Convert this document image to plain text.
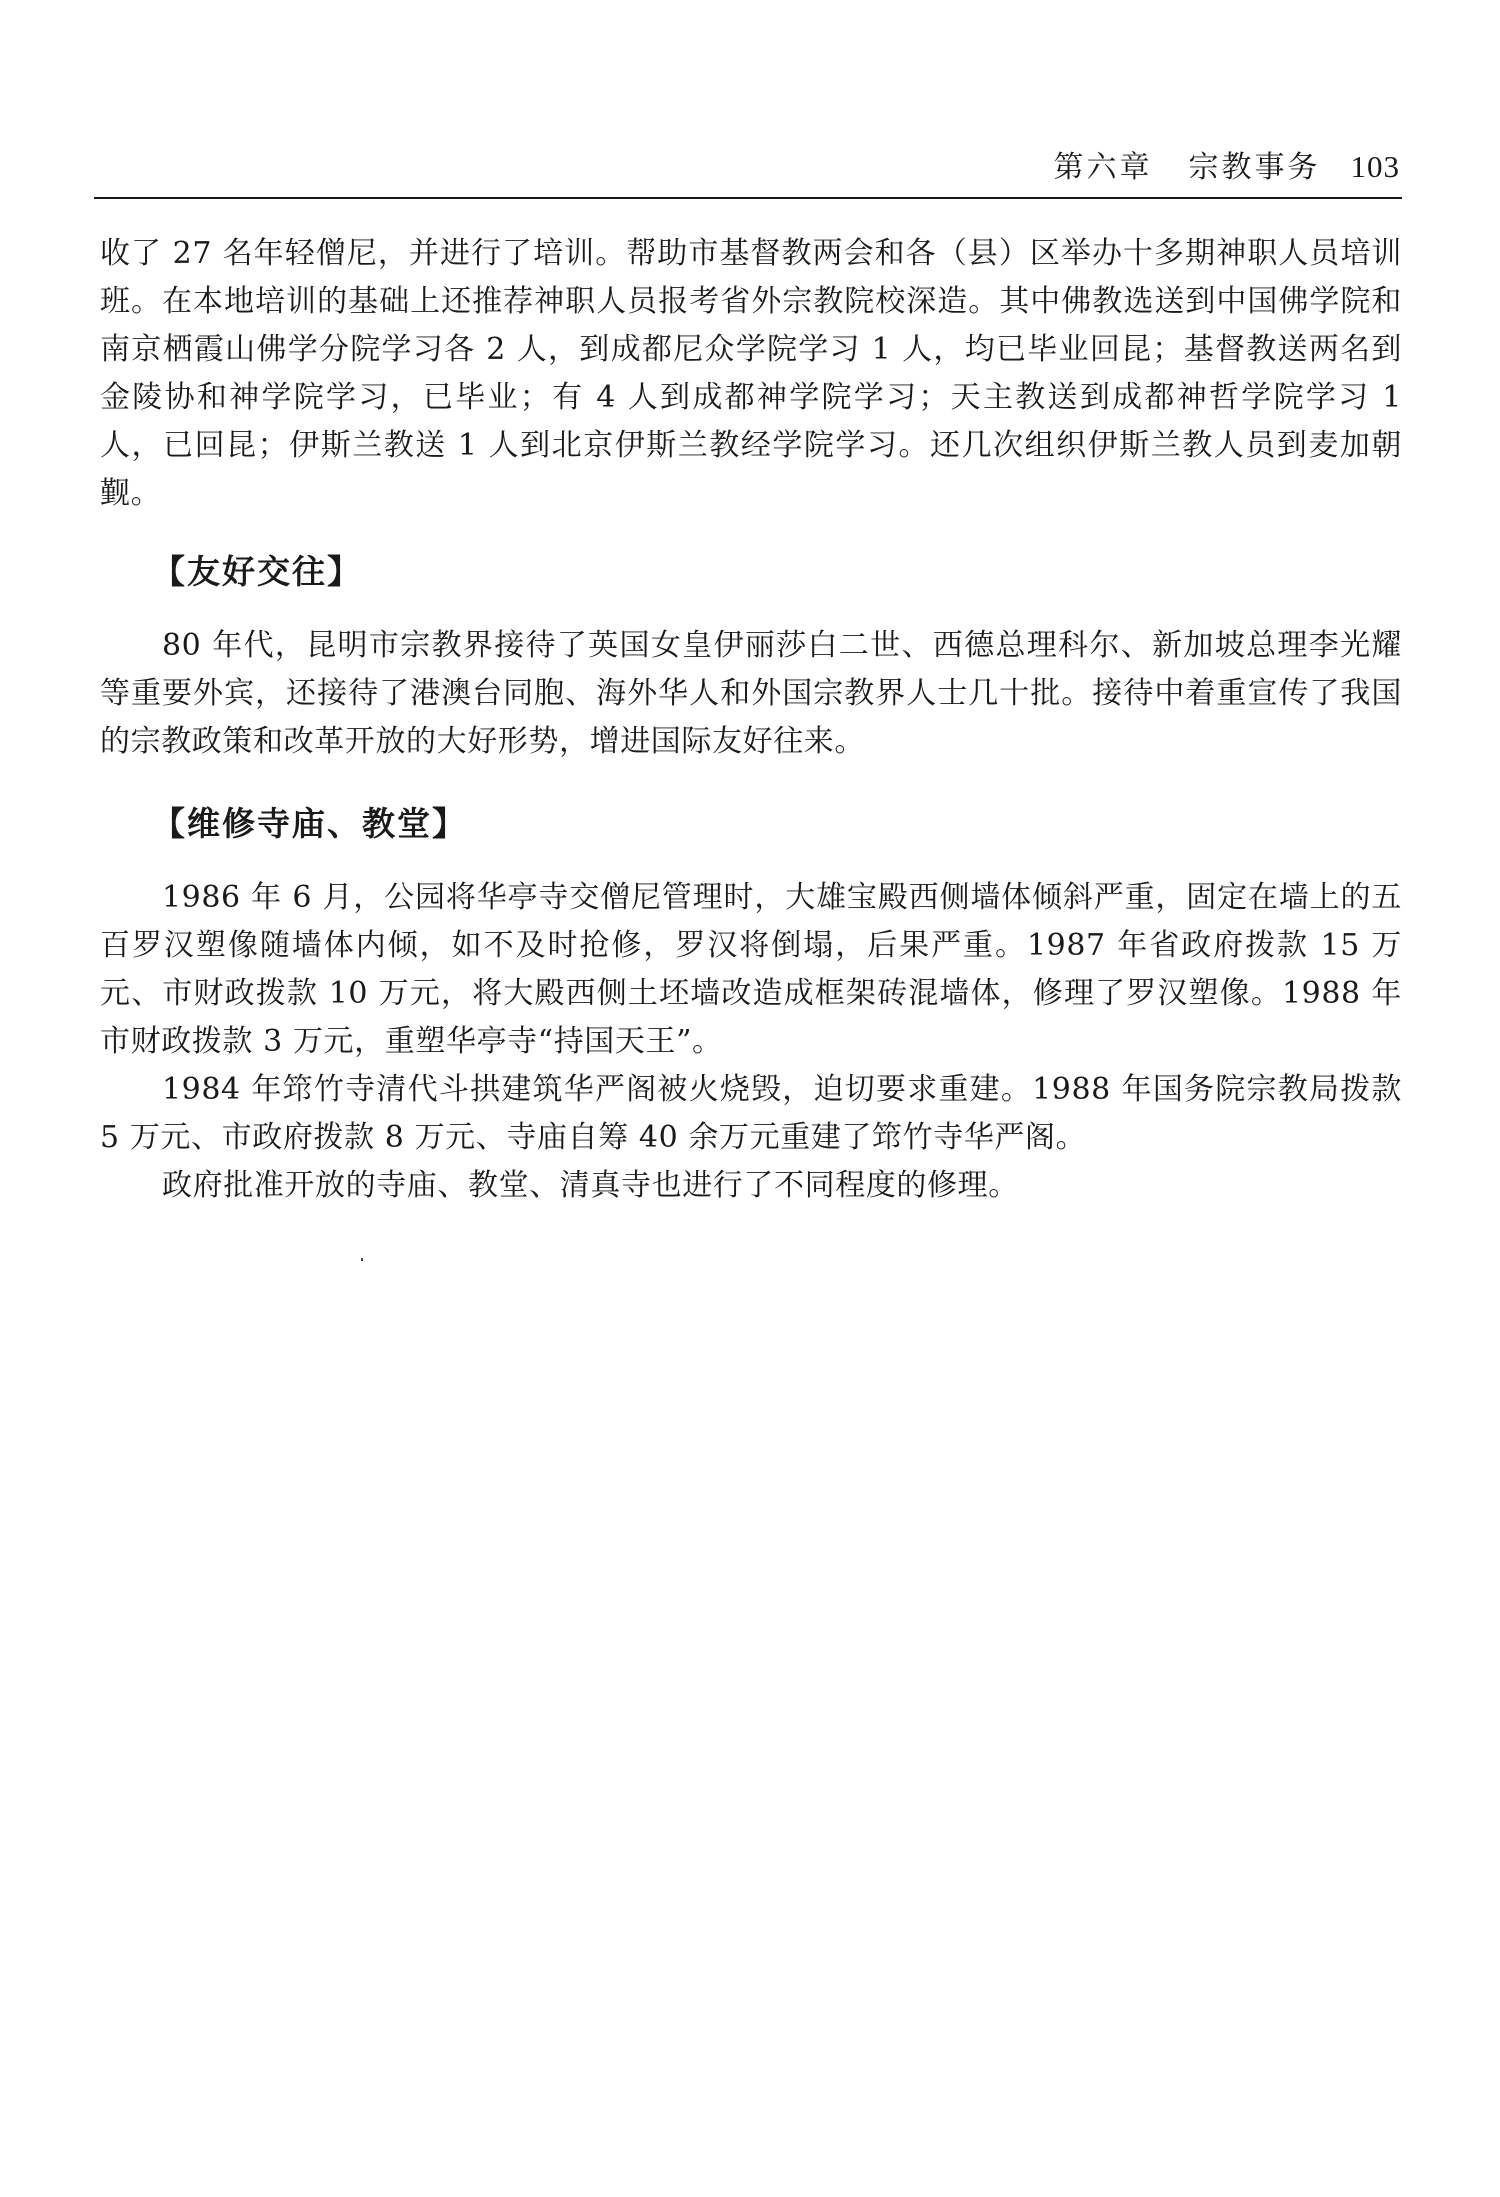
第六章 宗教事务 103

收了 27 名年轻僧尼，并进行了培训。帮助市基督教两会和各（县）区举办十多期神职人员培训班。在本地培训的基础上还推荐神职人员报考省外宗教院校深造。其中佛教选送到中国佛学院和南京栖霞山佛学分院学习各 2 人，到成都尼众学院学习 1 人，均已毕业回昆；基督教送两名到金陵协和神学院学习，已毕业；有 4 人到成都神学院学习；天主教送到成都神哲学院学习 1 人，已回昆；伊斯兰教送 1 人到北京伊斯兰教经学院学习。还几次组织伊斯兰教人员到麦加朝觐。

【友好交往】

80 年代，昆明市宗教界接待了英国女皇伊丽莎白二世、西德总理科尔、新加坡总理李光耀等重要外宾，还接待了港澳台同胞、海外华人和外国宗教界人士几十批。接待中着重宣传了我国的宗教政策和改革开放的大好形势，增进国际友好往来。

【维修寺庙、教堂】

1986 年 6 月，公园将华亭寺交僧尼管理时，大雄宝殿西侧墙体倾斜严重，固定在墙上的五百罗汉塑像随墙体内倾，如不及时抢修，罗汉将倒塌，后果严重。1987 年省政府拨款 15 万元、市财政拨款 10 万元，将大殿西侧土坯墙改造成框架砖混墙体，修理了罗汉塑像。1988 年市财政拨款 3 万元，重塑华亭寺“持国天王”。

1984 年筇竹寺清代斗拱建筑华严阁被火烧毁，迫切要求重建。1988 年国务院宗教局拨款 5 万元、市政府拨款 8 万元、寺庙自筹 40 余万元重建了筇竹寺华严阁。

政府批准开放的寺庙、教堂、清真寺也进行了不同程度的修理。
